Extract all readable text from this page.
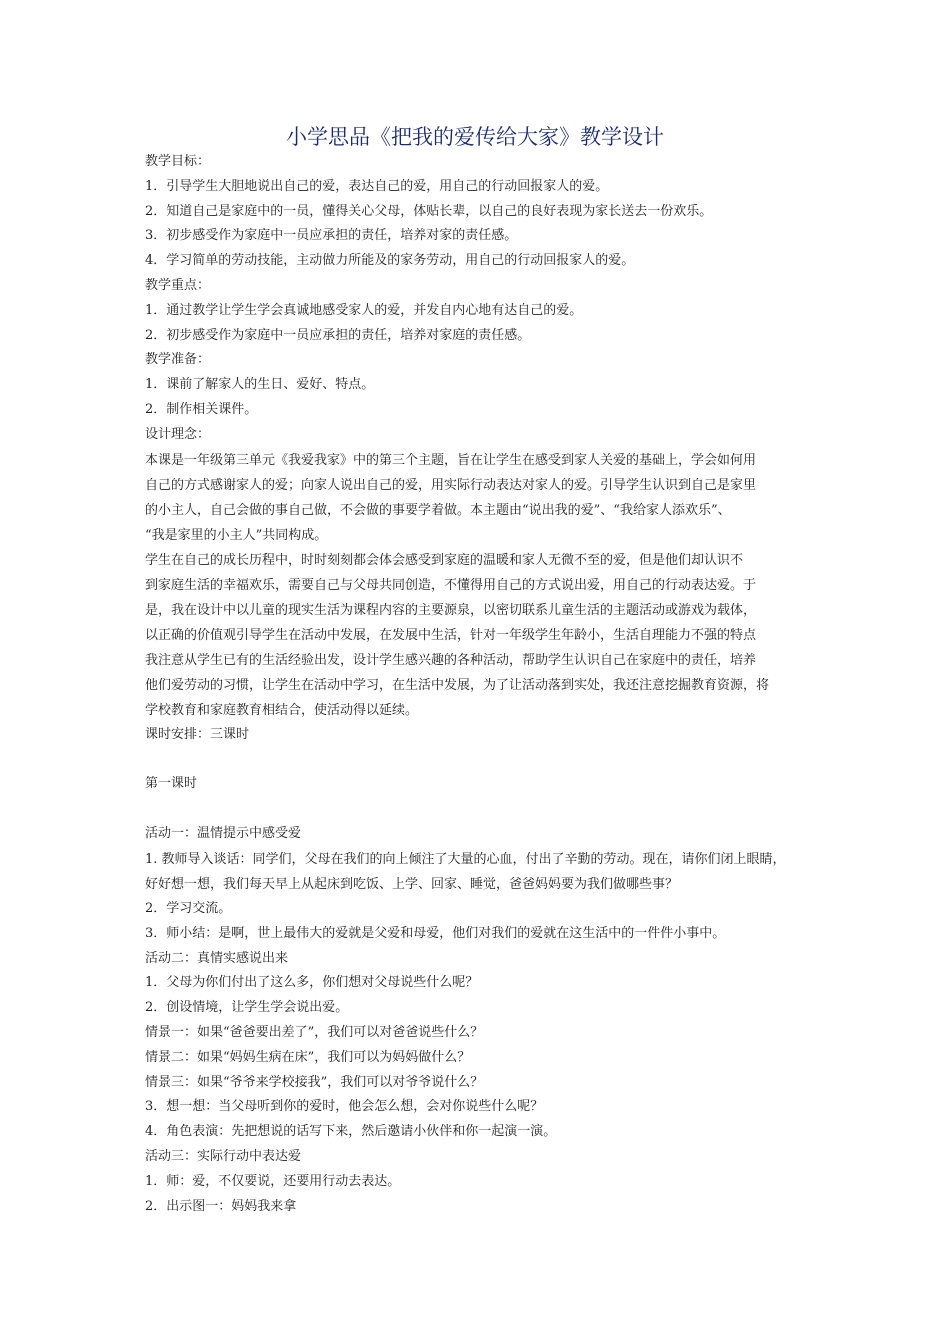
小学思品《把我的爱传给大家》教学设计

教学目标：

1．引导学生大胆地说出自己的爱，表达自己的爱，用自己的行动回报家人的爱。

2．知道自己是家庭中的一员，懂得关心父母，体贴长辈，以自己的良好表现为家长送去一份欢乐。

3．初步感受作为家庭中一员应承担的责任，培养对家的责任感。

4．学习简单的劳动技能，主动做力所能及的家务劳动，用自己的行动回报家人的爱。

教学重点：

1．通过教学让学生学会真诚地感受家人的爱，并发自内心地有达自己的爱。

2．初步感受作为家庭中一员应承担的责任，培养对家庭的责任感。

教学准备：

1．课前了解家人的生日、爱好、特点。

2．制作相关课件。

设计理念：

本课是一年级第三单元《我爱我家》中的第三个主题，旨在让学生在感受到家人关爱的基础上，学会如何用

自己的方式感谢家人的爱；向家人说出自己的爱，用实际行动表达对家人的爱。引导学生认识到自己是家里

的小主人，自己会做的事自己做，不会做的事要学着做。本主题由“说出我的爱”、“我给家人添欢乐”、

“我是家里的小主人”共同构成。

学生在自己的成长历程中，时时刻刻都会体会感受到家庭的温暖和家人无微不至的爱，但是他们却认识不

到家庭生活的幸福欢乐，需要自己与父母共同创造，不懂得用自己的方式说出爱，用自己的行动表达爱。于

是，我在设计中以儿童的现实生活为课程内容的主要源泉，以密切联系儿童生活的主题活动或游戏为载体，

以正确的价值观引导学生在活动中发展，在发展中生活，针对一年级学生年龄小，生活自理能力不强的特点

我注意从学生已有的生活经验出发，设计学生感兴趣的各种活动，帮助学生认识自己在家庭中的责任，培养

他们爱劳动的习惯，让学生在活动中学习，在生活中发展，为了让活动落到实处，我还注意挖掘教育资源，将

学校教育和家庭教育相结合，使活动得以延续。

课时安排：三课时

第一课时

活动一：温情提示中感受爱

1. 教师导入谈话：同学们，父母在我们的向上倾注了大量的心血，付出了辛勤的劳动。现在，请你们闭上眼睛，

好好想一想，我们每天早上从起床到吃饭、上学、回家、睡觉，爸爸妈妈要为我们做哪些事？

2．学习交流。

3．师小结：是啊，世上最伟大的爱就是父爱和母爱，他们对我们的爱就在这生活中的一件件小事中。

活动二：真情实感说出来

1．父母为你们付出了这么多，你们想对父母说些什么呢？

2．创设情境，让学生学会说出爱。

情景一：如果“爸爸要出差了”，我们可以对爸爸说些什么？

情景二：如果“妈妈生病在床”，我们可以为妈妈做什么？

情景三：如果“爷爷来学校接我”，我们可以对爷爷说什么？

3．想一想：当父母听到你的爱时，他会怎么想，会对你说些什么呢？

4．角色表演：先把想说的话写下来，然后邀请小伙伴和你一起演一演。

活动三：实际行动中表达爱

1．师：爱，不仅要说，还要用行动去表达。

2．出示图一：妈妈我来拿
